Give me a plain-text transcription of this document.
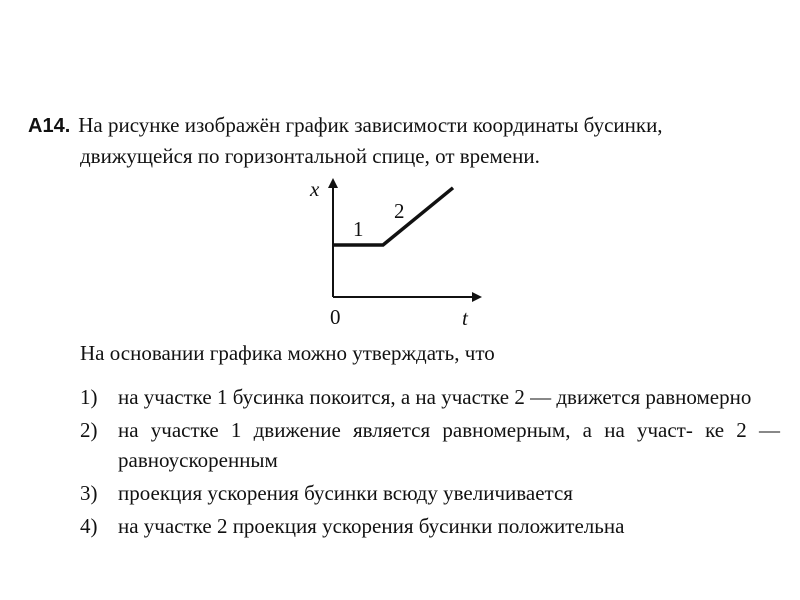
A14. На рисунке изображён график зависимости координаты бусинки,
движущейся по горизонтальной спице, от времени.
x
t
0
1
2
На основании графика можно утверждать, что
1) на участке 1 бусинка покоится, а на участке 2 — движется равномерно
2) на участке 1 движение является равномерным, а на участ- ке 2 — равноускоренным
3) проекция ускорения бусинки всюду увеличивается
4) на участке 2 проекция ускорения бусинки положительна
